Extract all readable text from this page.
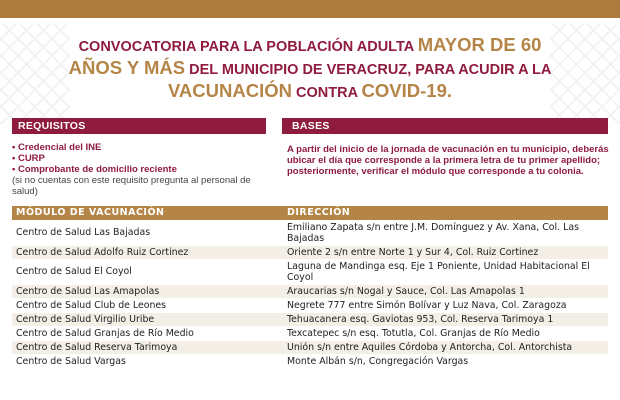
CONVOCATORIA PARA LA POBLACIÓN ADULTA MAYOR DE 60
AÑOS Y MÁS DEL MUNICIPIO DE VERACRUZ, PARA ACUDIR A LA
VACUNACIÓN CONTRA COVID-19.
REQUISITOS	BASES
• Credencial del INE
• CURP
• Comprobante de domicilio reciente
(si no cuentas con este requisito pregunta al personal de salud)
A partir del inicio de la jornada de vacunación en tu municipio, deberás ubicar el día que corresponde a la primera letra de tu primer apellido; posteriormente, verificar el módulo que corresponde a tu colonia.
MÓDULO DE VACUNACIÓN	DIRECCIÓN
Centro de Salud Las Bajadas	Emiliano Zapata s/n entre J.M. Domínguez y Av. Xana, Col. Las Bajadas
Centro de Salud Adolfo Ruiz Cortinez	Oriente 2 s/n entre Norte 1 y Sur 4, Col. Ruiz Cortinez
Centro de Salud El Coyol	Laguna de Mandinga esq. Eje 1 Poniente, Unidad Habitacional El Coyol
Centro de Salud Las Amapolas	Araucarias s/n Nogal y Sauce, Col. Las Amapolas 1
Centro de Salud Club de Leones	Negrete 777 entre Simón Bolívar y Luz Nava, Col. Zaragoza
Centro de Salud Virgilio Uribe	Tehuacanera esq. Gaviotas 953, Col. Reserva Tarimoya 1
Centro de Salud Granjas de Río Medio	Texcatepec s/n esq. Totutla, Col. Granjas de Río Medio
Centro de Salud Reserva Tarimoya	Unión s/n entre Aquiles Córdoba y Antorcha, Col. Antorchista
Centro de Salud Vargas	Monte Albán s/n, Congregación Vargas
